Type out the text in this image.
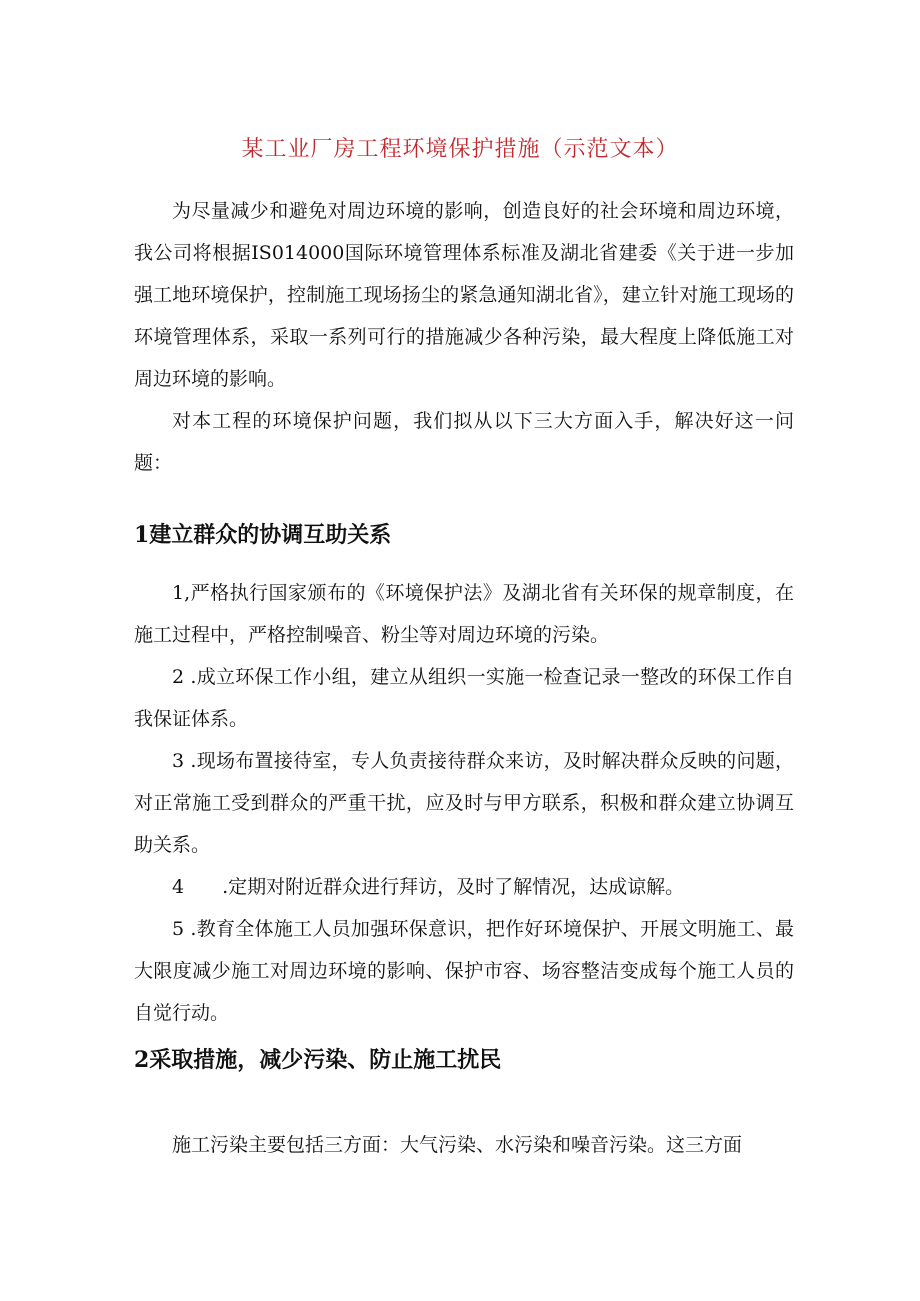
某工业厂房工程环境保护措施（示范文本）

为尽量减少和避免对周边环境的影响，创造良好的社会环境和周边环境，我公司将根据IS014000国际环境管理体系标准及湖北省建委《关于进一步加强工地环境保护，控制施工现场扬尘的紧急通知湖北省》，建立针对施工现场的环境管理体系，采取一系列可行的措施减少各种污染，最大程度上降低施工对周边环境的影响。

对本工程的环境保护问题，我们拟从以下三大方面入手，解决好这一问题：

1建立群众的协调互助关系

1,严格执行国家颁布的《环境保护法》及湖北省有关环保的规章制度，在施工过程中，严格控制噪音、粉尘等对周边环境的污染。

2 .成立环保工作小组，建立从组织一实施一检查记录一整改的环保工作自我保证体系。

3 .现场布置接待室，专人负责接待群众来访，及时解决群众反映的问题，对正常施工受到群众的严重干扰，应及时与甲方联系，积极和群众建立协调互助关系。

4　　.定期对附近群众进行拜访，及时了解情况，达成谅解。

5 .教育全体施工人员加强环保意识，把作好环境保护、开展文明施工、最大限度减少施工对周边环境的影响、保护市容、场容整洁变成每个施工人员的自觉行动。

2采取措施，减少污染、防止施工扰民

施工污染主要包括三方面：大气污染、水污染和噪音污染。这三方面
